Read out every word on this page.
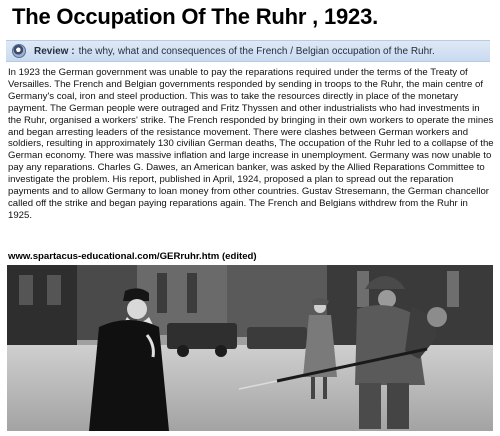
The Occupation Of The Ruhr , 1923.
Review : the why, what and consequences of the French / Belgian occupation of the Ruhr.
In 1923 the German government was unable to pay the reparations required under the terms of the Treaty of Versailles. The French and Belgian governments responded by sending in troops to the Ruhr, the main centre of Germany's coal, iron and steel production. This was to take the resources directly in place of the monetary payment. The German people were outraged and Fritz Thyssen and other industrialists who had investments in the Ruhr, organised a workers' strike. The French responded by bringing in their own workers to operate the mines and began arresting leaders of the resistance movement. There were clashes between German workers and soldiers, resulting in approximately 130 civilian German deaths, The occupation of the Ruhr led to a collapse of the German economy. There was massive inflation and large increase in unemployment. Germany was now unable to pay any reparations. Charles G. Dawes, an American banker, was asked by the Allied Reparations Committee to investigate the problem. His report, published in April, 1924, proposed a plan to spread out the reparation payments and to allow Germany to loan money from other countries. Gustav Stresemann, the German chancellor called off the strike and began paying reparations again. The French and Belgians withdrew from the Ruhr in 1925.
www.spartacus-educational.com/GERruhr.htm (edited)
